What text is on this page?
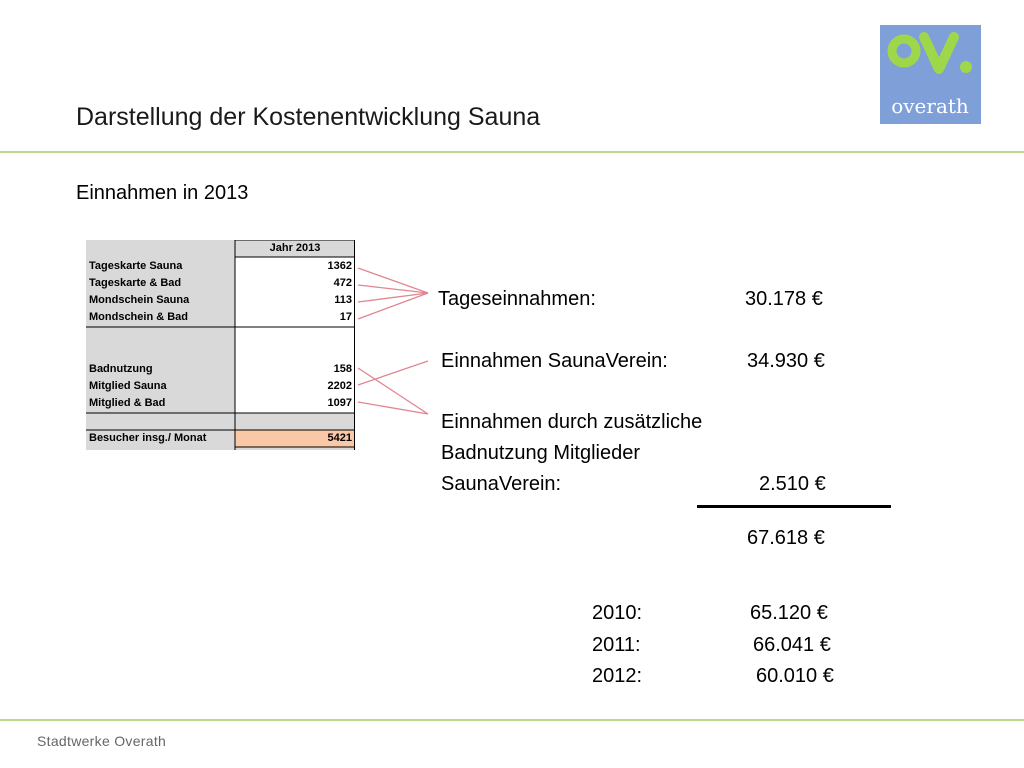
Darstellung der Kostenentwicklung Sauna	overath
Einnahmen in 2013
Jahr 2013
Tageskarte Sauna	1362
Tageskarte & Bad	472
Mondschein Sauna	113
Mondschein & Bad	17
Badnutzung	158
Mitglied Sauna	2202
Mitglied & Bad	1097
Besucher insg./ Monat	5421
Tageseinnahmen:	30.178 €
Einnahmen SaunaVerein:	34.930 €
Einnahmen durch zusätzliche
Badnutzung Mitglieder
SaunaVerein:	2.510 €
67.618 €
2010:	65.120 €
2011:	66.041 €
2012:	60.010 €
Stadtwerke Overath
